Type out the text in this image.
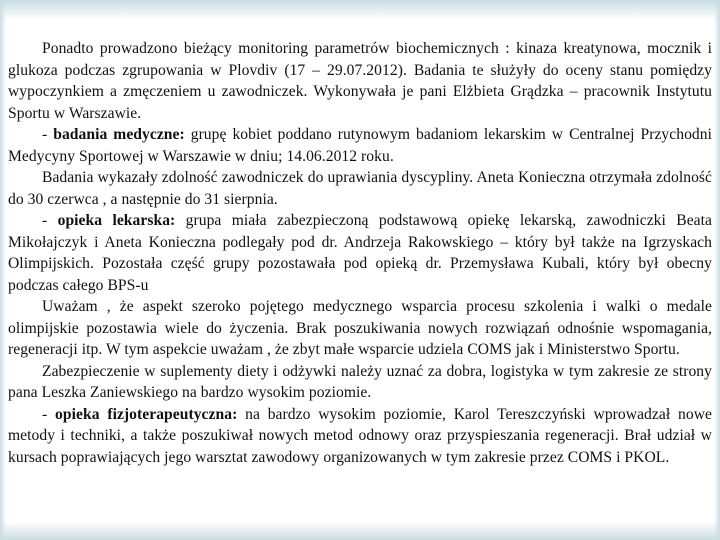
Ponadto prowadzono bieżący monitoring parametrów biochemicznych : kinaza kreatynowa, mocznik i glukoza podczas zgrupowania w Plovdiv (17 – 29.07.2012). Badania te służyły do oceny stanu pomiędzy wypoczynkiem a zmęczeniem u zawodniczek. Wykonywała je pani Elżbieta Grądzka – pracownik Instytutu Sportu w Warszawie.

- badania medyczne: grupę kobiet poddano rutynowym badaniom lekarskim w Centralnej Przychodni Medycyny Sportowej w Warszawie w dniu; 14.06.2012 roku.

Badania wykazały zdolność zawodniczek do uprawiania dyscypliny. Aneta Konieczna otrzymała zdolność do 30 czerwca , a następnie do 31 sierpnia.

- opieka lekarska: grupa miała zabezpieczoną podstawową opiekę lekarską, zawodniczki Beata Mikołajczyk i Aneta Konieczna podlegały pod dr. Andrzeja Rakowskiego – który był także na Igrzyskach Olimpijskich. Pozostała część grupy pozostawała pod opieką dr. Przemysława Kubali, który był obecny podczas całego BPS-u

Uważam , że aspekt szeroko pojętego medycznego wsparcia procesu szkolenia i walki o medale olimpijskie pozostawia wiele do życzenia. Brak poszukiwania nowych rozwiązań odnośnie wspomagania, regeneracji itp. W tym aspekcie uważam , że zbyt małe wsparcie udziela COMS jak i Ministerstwo Sportu.

Zabezpieczenie w suplementy diety i odżywki należy uznać za dobra, logistyka w tym zakresie ze strony pana Leszka Zaniewskiego na bardzo wysokim poziomie.

- opieka fizjoterapeutyczna: na bardzo wysokim poziomie, Karol Tereszczyński wprowadzał nowe metody i techniki, a także poszukiwał nowych metod odnowy oraz przyspieszania regeneracji. Brał udział w kursach poprawiających jego warsztat zawodowy organizowanych w tym zakresie przez COMS i PKOL.
